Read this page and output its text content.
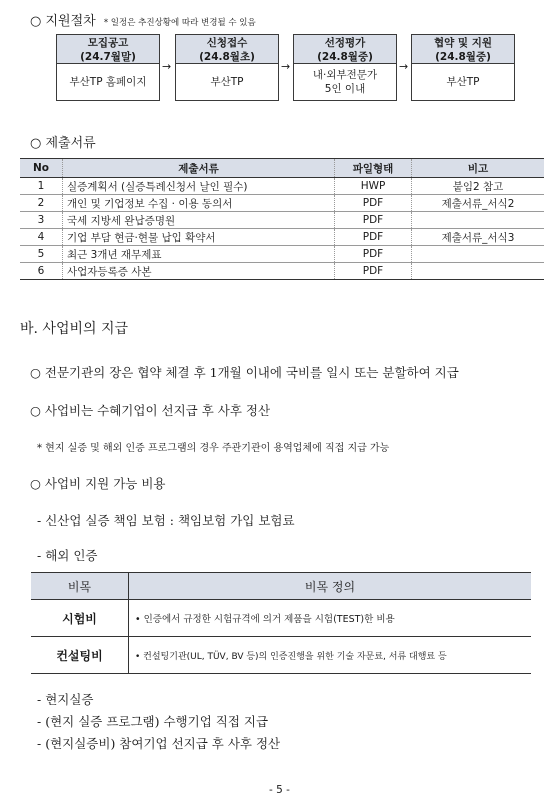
○ 지원절차 * 일정은 추진상황에 따라 변경될 수 있음
모집공고
(24.7월말)
부산TP 홈페이지
→
신청접수
(24.8월초)
부산TP
→
선정평가
(24.8월중)
내·외부전문가
5인 이내
→
협약 및 지원
(24.8월중)
부산TP
○ 제출서류
No	제출서류	파일형태	비고
1	실증계획서 (실증특례신청서 날인 필수)	HWP	붙임2 참고
2	개인 및 기업정보 수집 · 이용 동의서	PDF	제출서류_서식2
3	국세 지방세 완납증명원	PDF	
4	기업 부담 현금·현물 납입 확약서	PDF	제출서류_서식3
5	최근 3개년 재무제표	PDF	
6	사업자등록증 사본	PDF	
바. 사업비의 지급
○ 전문기관의 장은 협약 체결 후 1개월 이내에 국비를 일시 또는 분할하여 지급
○ 사업비는 수혜기업이 선지급 후 사후 정산
* 현지 실증 및 해외 인증 프로그램의 경우 주관기관이 용역업체에 직접 지급 가능
○ 사업비 지원 가능 비용
- 신산업 실증 책임 보험 : 책임보험 가입 보험료
- 해외 인증
비목	비목 정의
시험비	• 인증에서 규정한 시험규격에 의거 제품을 시험(TEST)한 비용
컨설팅비	• 컨설팅기관(UL, TÜV, BV 등)의 인증진행을 위한 기술 자문료, 서류 대행료 등
- 현지실증
- (현지 실증 프로그램) 수행기업 직접 지급
- (현지실증비) 참여기업 선지급 후 사후 정산
- 5 -
